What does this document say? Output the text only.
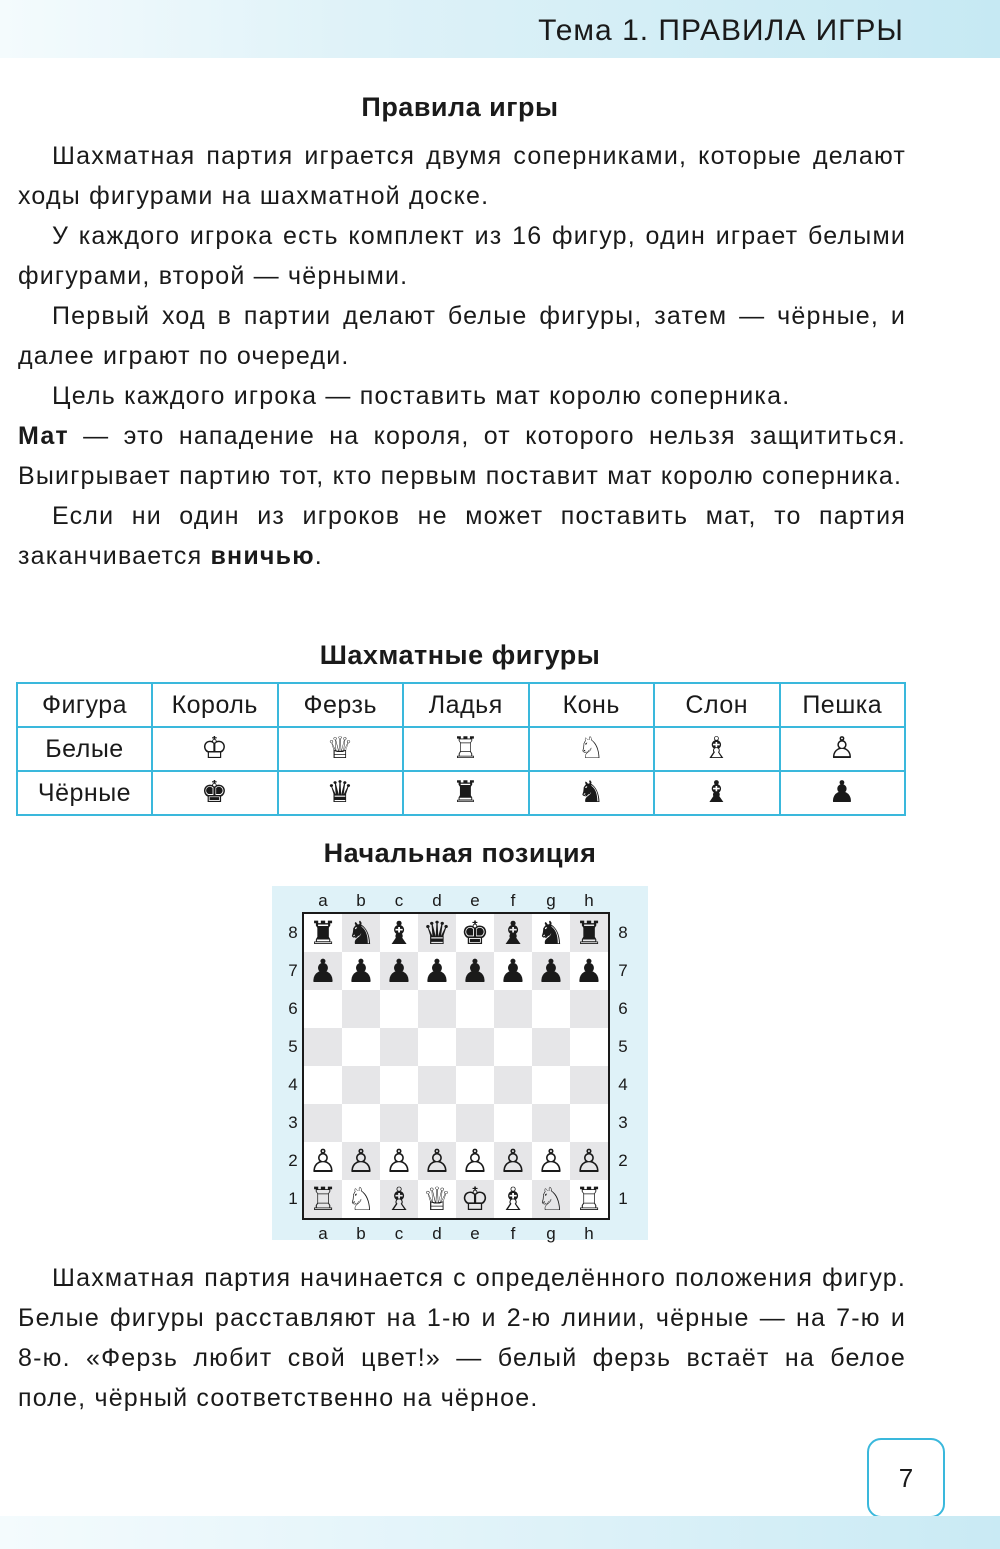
Тема 1. ПРАВИЛА ИГРЫ
Правила игры

Шахматная партия играется двумя соперниками, которые делают ходы фигурами на шахматной доске.

У каждого игрока есть комплект из 16 фигур, один играет белыми фигурами, второй — чёрными.

Первый ход в партии делают белые фигуры, затем — чёрные, и далее играют по очереди.

Цель каждого игрока — поставить мат королю соперника.

Мат — это нападение на короля, от которого нельзя защититься. Выигрывает партию тот, кто первым поставит мат королю соперника.

Если ни один из игроков не может поставить мат, то партия заканчивается вничью.

Шахматные фигуры
Фигура	Король	Ферзь	Ладья	Конь	Слон	Пешка
Белые	♔	♕	♖	♘	♗	♙
Чёрные	♚	♛	♜	♞	♝	♟
Начальная позиция
♜ ♞ ♝ ♛ ♚ ♝ ♞ ♜
♟ ♟ ♟ ♟ ♟ ♟ ♟ ♟
♙ ♙ ♙ ♙ ♙ ♙ ♙ ♙
♖ ♘ ♗ ♕ ♔ ♗ ♘ ♖
a
a
b
b
c
c
d
d
e
e
f
f
g
g
h
h
8	8
7	7
6	6
5	5
4	4
3	3
2	2
1	1

Шахматная партия начинается с определённого положения фигур. Белые фигуры расставляют на 1-ю и 2-ю линии, чёрные — на 7-ю и 8-ю. «Ферзь любит свой цвет!» — белый ферзь встаёт на белое поле, чёрный соответственно на чёрное.

7
